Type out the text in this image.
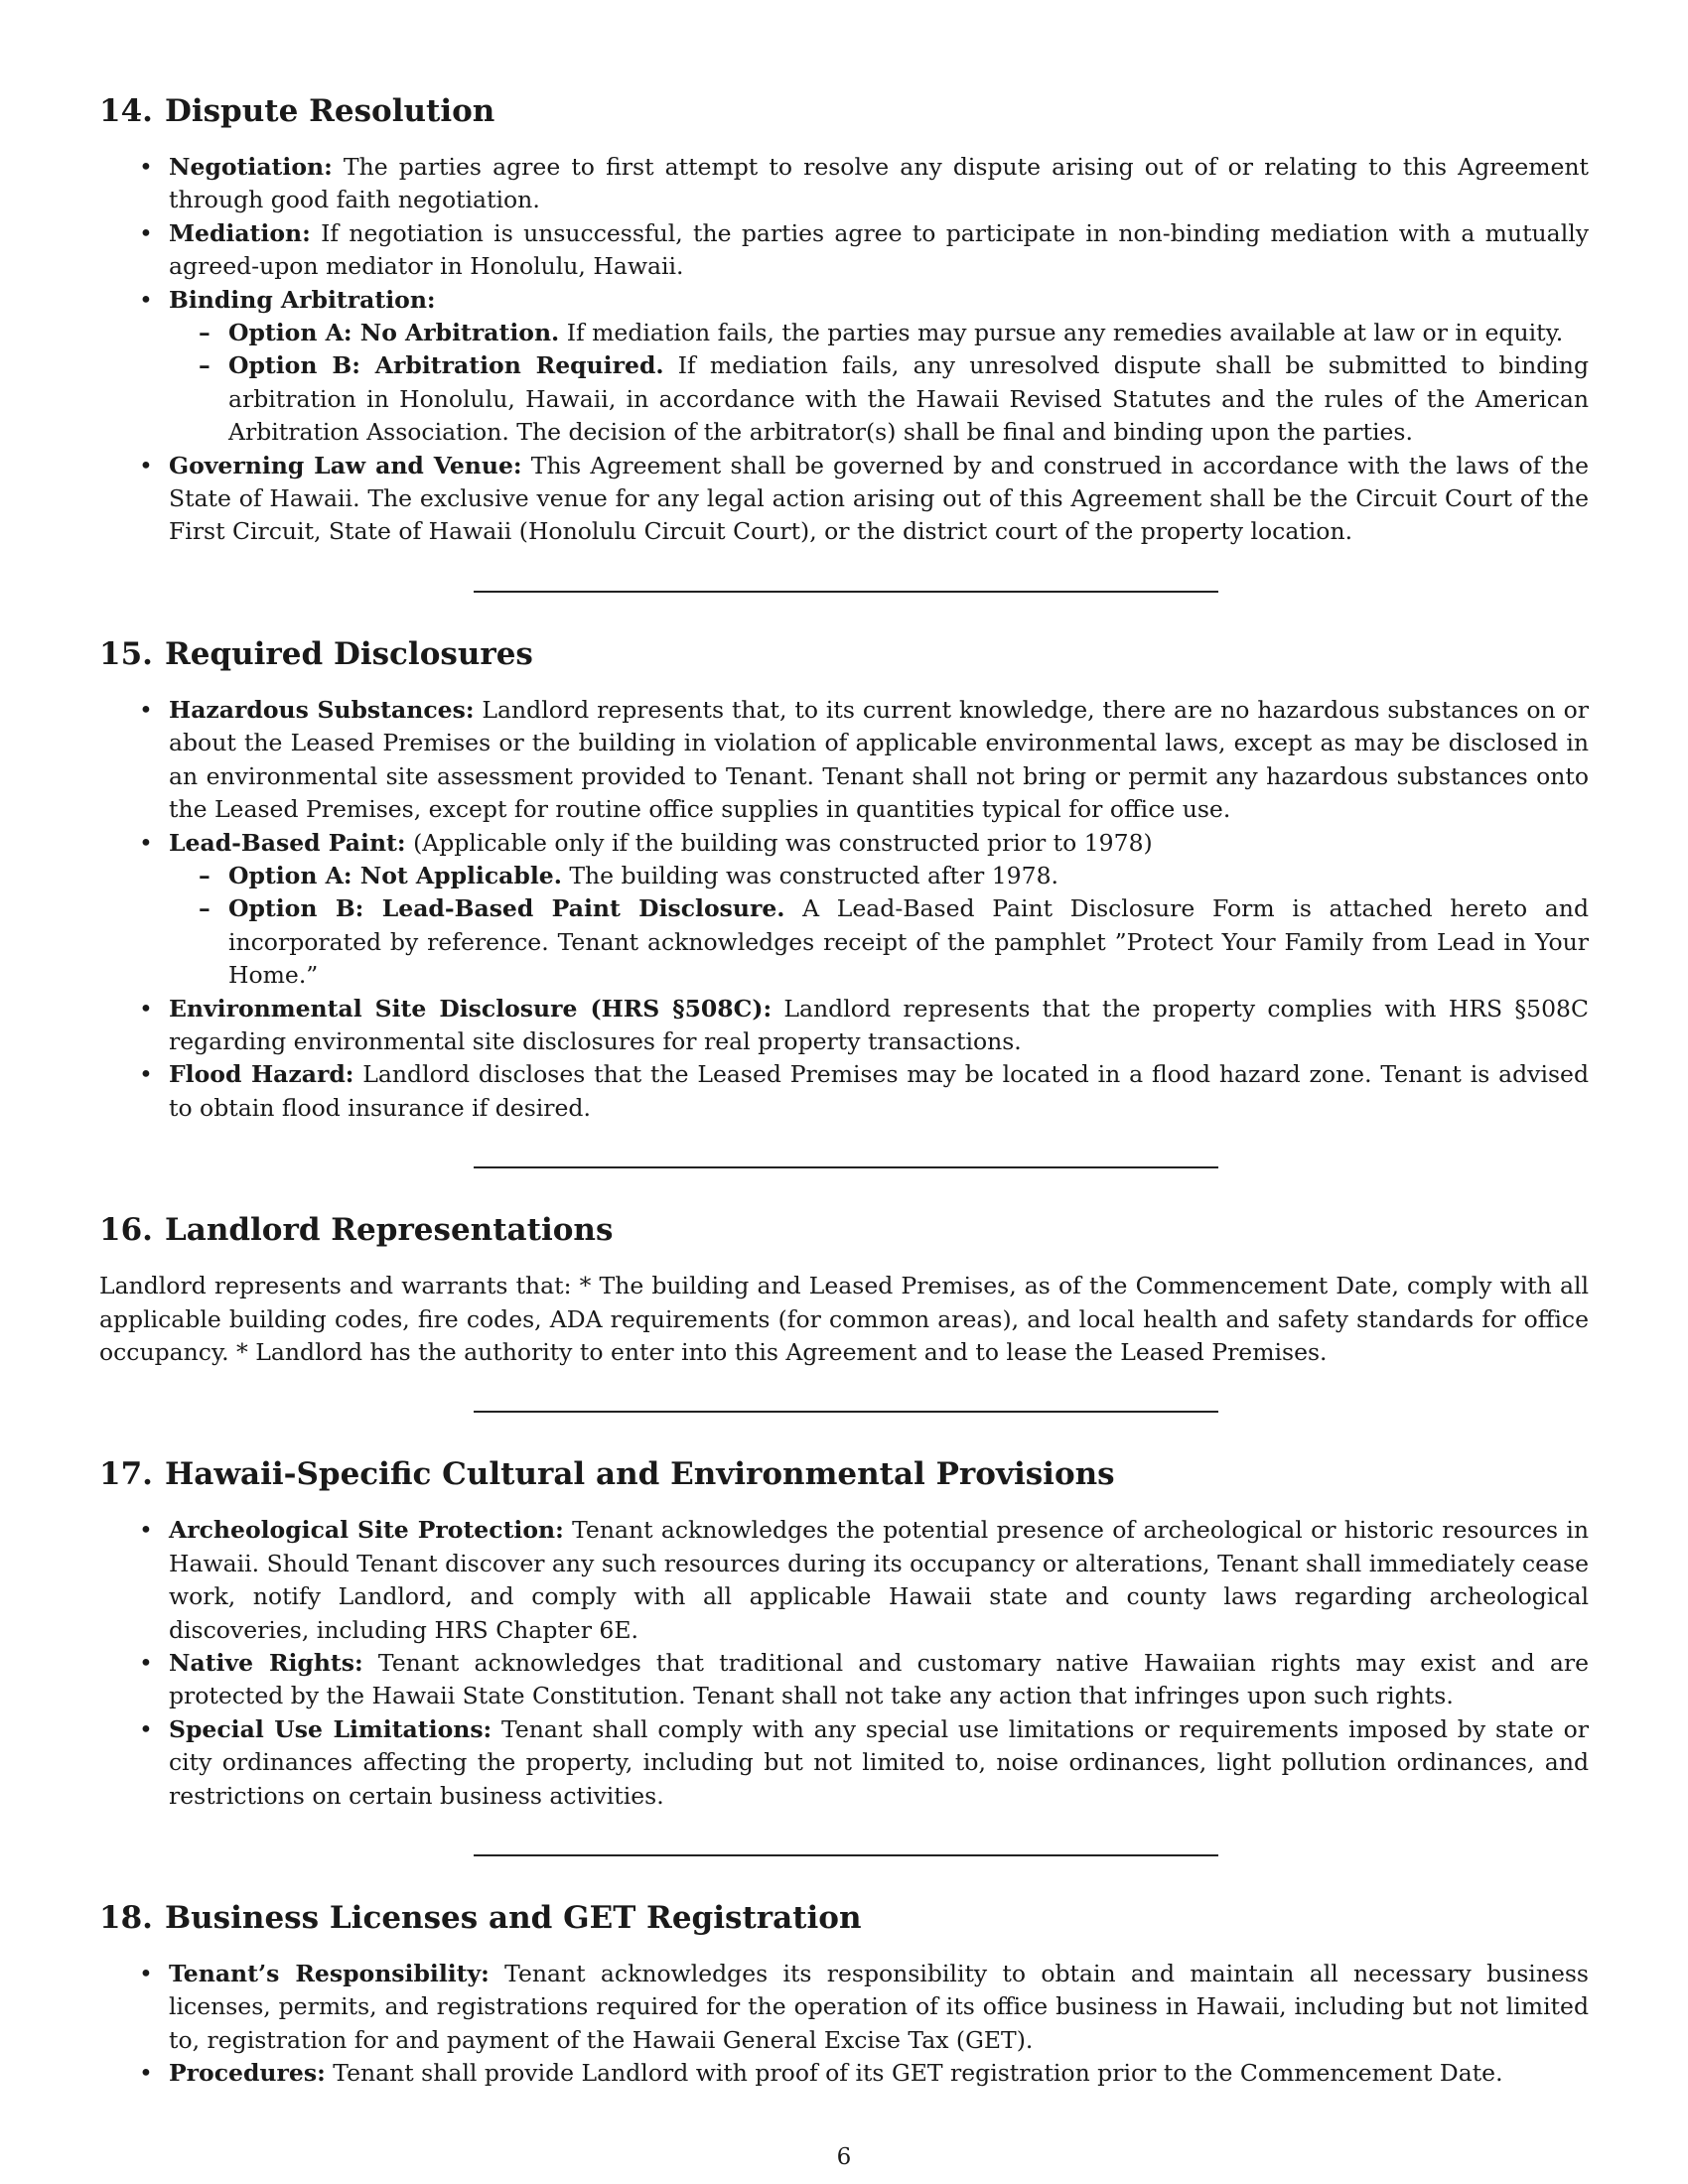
14. Dispute Resolution
• Negotiation: The parties agree to first attempt to resolve any dispute arising out of or relating to this Agreement through good faith negotiation.
• Mediation: If negotiation is unsuccessful, the parties agree to participate in non-binding mediation with a mutually agreed-upon mediator in Honolulu, Hawaii.
• Binding Arbitration:
– Option A: No Arbitration. If mediation fails, the parties may pursue any remedies available at law or in equity.
– Option B: Arbitration Required. If mediation fails, any unresolved dispute shall be submitted to binding arbitration in Honolulu, Hawaii, in accordance with the Hawaii Revised Statutes and the rules of the American Arbitration Association. The decision of the arbitrator(s) shall be final and binding upon the parties.
• Governing Law and Venue: This Agreement shall be governed by and construed in accordance with the laws of the State of Hawaii. The exclusive venue for any legal action arising out of this Agreement shall be the Circuit Court of the First Circuit, State of Hawaii (Honolulu Circuit Court), or the district court of the property location.
15. Required Disclosures
• Hazardous Substances: Landlord represents that, to its current knowledge, there are no hazardous substances on or about the Leased Premises or the building in violation of applicable environmental laws, except as may be disclosed in an environmental site assessment provided to Tenant. Tenant shall not bring or permit any hazardous substances onto the Leased Premises, except for routine office supplies in quantities typical for office use.
• Lead-Based Paint: (Applicable only if the building was constructed prior to 1978)
– Option A: Not Applicable. The building was constructed after 1978.
– Option B: Lead-Based Paint Disclosure. A Lead-Based Paint Disclosure Form is attached hereto and incorporated by reference. Tenant acknowledges receipt of the pamphlet ”Protect Your Family from Lead in Your Home.”
• Environmental Site Disclosure (HRS §508C): Landlord represents that the property complies with HRS §508C regarding environmental site disclosures for real property transactions.
• Flood Hazard: Landlord discloses that the Leased Premises may be located in a flood hazard zone. Tenant is advised to obtain flood insurance if desired.
16. Landlord Representations

Landlord represents and warrants that: * The building and Leased Premises, as of the Commencement Date, comply with all applicable building codes, fire codes, ADA requirements (for common areas), and local health and safety standards for office occupancy. * Landlord has the authority to enter into this Agreement and to lease the Leased Premises.

17. Hawaii-Specific Cultural and Environmental Provisions
• Archeological Site Protection: Tenant acknowledges the potential presence of archeological or historic resources in Hawaii. Should Tenant discover any such resources during its occupancy or alterations, Tenant shall immediately cease work, notify Landlord, and comply with all applicable Hawaii state and county laws regarding archeological discoveries, including HRS Chapter 6E.
• Native Rights: Tenant acknowledges that traditional and customary native Hawaiian rights may exist and are protected by the Hawaii State Constitution. Tenant shall not take any action that infringes upon such rights.
• Special Use Limitations: Tenant shall comply with any special use limitations or requirements imposed by state or city ordinances affecting the property, including but not limited to, noise ordinances, light pollution ordinances, and restrictions on certain business activities.
18. Business Licenses and GET Registration
• Tenant’s Responsibility: Tenant acknowledges its responsibility to obtain and maintain all necessary business licenses, permits, and registrations required for the operation of its office business in Hawaii, including but not limited to, registration for and payment of the Hawaii General Excise Tax (GET).
• Procedures: Tenant shall provide Landlord with proof of its GET registration prior to the Commencement Date.
6
